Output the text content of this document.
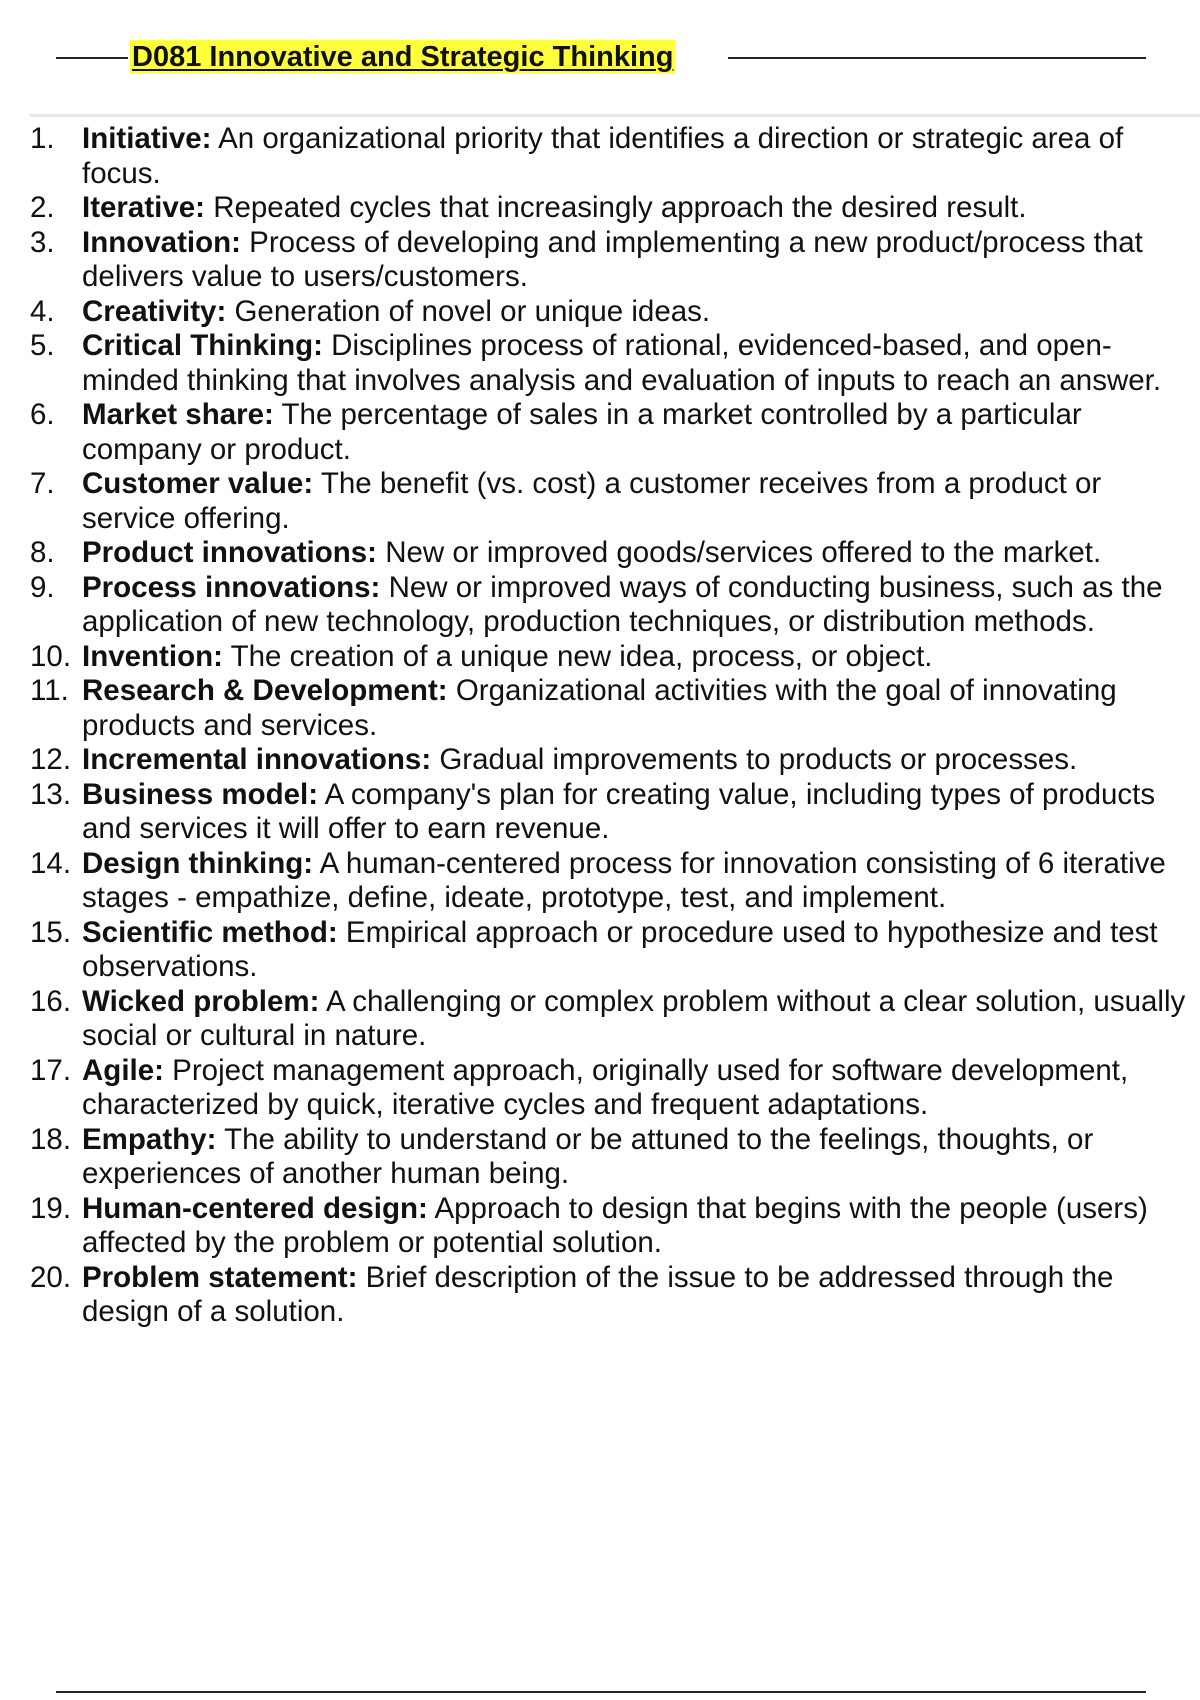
D081 Innovative and Strategic Thinking
1. Initiative: An organizational priority that identifies a direction or strategic area of focus.
2. Iterative: Repeated cycles that increasingly approach the desired result.
3. Innovation: Process of developing and implementing a new product/process that delivers value to users/customers.
4. Creativity: Generation of novel or unique ideas.
5. Critical Thinking: Disciplines process of rational, evidenced-based, and open-minded thinking that involves analysis and evaluation of inputs to reach an answer.
6. Market share: The percentage of sales in a market controlled by a particular company or product.
7. Customer value: The benefit (vs. cost) a customer receives from a product or service offering.
8. Product innovations: New or improved goods/services offered to the market.
9. Process innovations: New or improved ways of conducting business, such as the application of new technology, production techniques, or distribution methods.
10. Invention: The creation of a unique new idea, process, or object.
11. Research & Development: Organizational activities with the goal of innovating products and services.
12. Incremental innovations: Gradual improvements to products or processes.
13. Business model: A company's plan for creating value, including types of products and services it will offer to earn revenue.
14. Design thinking: A human-centered process for innovation consisting of 6 iterative stages - empathize, define, ideate, prototype, test, and implement.
15. Scientific method: Empirical approach or procedure used to hypothesize and test observations.
16. Wicked problem: A challenging or complex problem without a clear solution, usually social or cultural in nature.
17. Agile: Project management approach, originally used for software development, characterized by quick, iterative cycles and frequent adaptations.
18. Empathy: The ability to understand or be attuned to the feelings, thoughts, or experiences of another human being.
19. Human-centered design: Approach to design that begins with the people (users) affected by the problem or potential solution.
20. Problem statement: Brief description of the issue to be addressed through the design of a solution.
